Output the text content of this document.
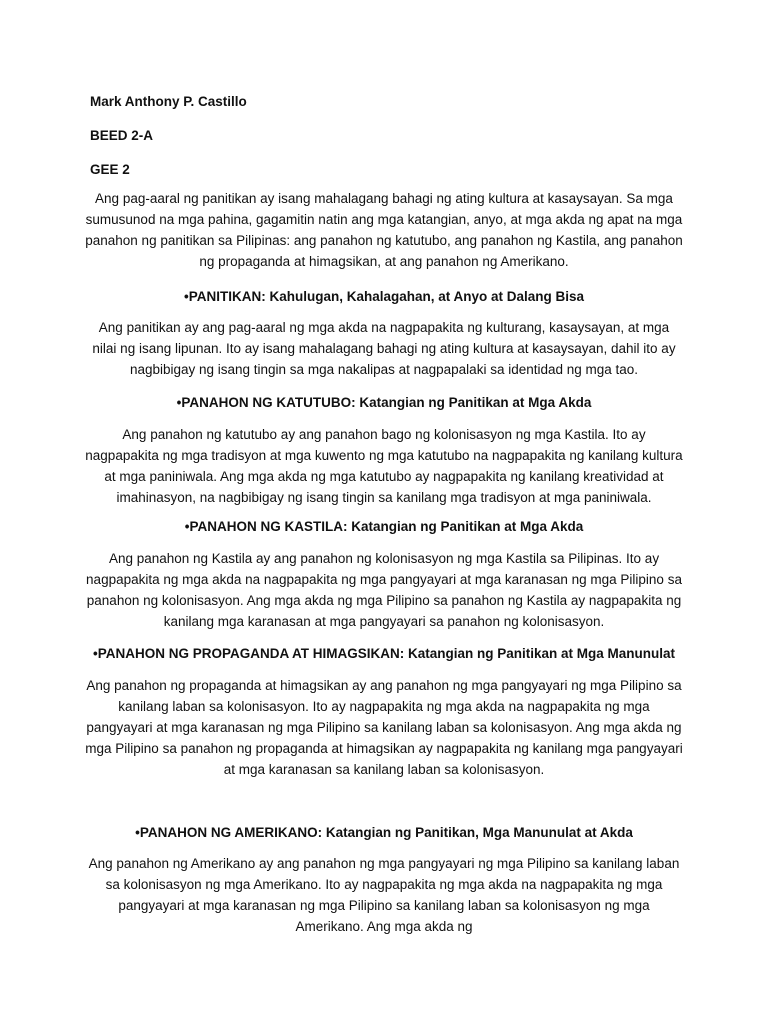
Mark Anthony P. Castillo
BEED 2-A
GEE 2

Ang pag-aaral ng panitikan ay isang mahalagang bahagi ng ating kultura at kasaysayan. Sa mga sumusunod na mga pahina, gagamitin natin ang mga katangian, anyo, at mga akda ng apat na mga panahon ng panitikan sa Pilipinas: ang panahon ng katutubo, ang panahon ng Kastila, ang panahon ng propaganda at himagsikan, at ang panahon ng Amerikano.

•PANITIKAN: Kahulugan, Kahalagahan, at Anyo at Dalang Bisa

Ang panitikan ay ang pag-aaral ng mga akda na nagpapakita ng kulturang, kasaysayan, at mga nilai ng isang lipunan. Ito ay isang mahalagang bahagi ng ating kultura at kasaysayan, dahil ito ay nagbibigay ng isang tingin sa mga nakalipas at nagpapalaki sa identidad ng mga tao.

•PANAHON NG KATUTUBO: Katangian ng Panitikan at Mga Akda

Ang panahon ng katutubo ay ang panahon bago ng kolonisasyon ng mga Kastila. Ito ay nagpapakita ng mga tradisyon at mga kuwento ng mga katutubo na nagpapakita ng kanilang kultura at mga paniniwala. Ang mga akda ng mga katutubo ay nagpapakita ng kanilang kreatividad at imahinasyon, na nagbibigay ng isang tingin sa kanilang mga tradisyon at mga paniniwala.

•PANAHON NG KASTILA: Katangian ng Panitikan at Mga Akda

Ang panahon ng Kastila ay ang panahon ng kolonisasyon ng mga Kastila sa Pilipinas. Ito ay nagpapakita ng mga akda na nagpapakita ng mga pangyayari at mga karanasan ng mga Pilipino sa panahon ng kolonisasyon. Ang mga akda ng mga Pilipino sa panahon ng Kastila ay nagpapakita ng kanilang mga karanasan at mga pangyayari sa panahon ng kolonisasyon.

•PANAHON NG PROPAGANDA AT HIMAGSIKAN: Katangian ng Panitikan at Mga Manunulat

Ang panahon ng propaganda at himagsikan ay ang panahon ng mga pangyayari ng mga Pilipino sa kanilang laban sa kolonisasyon. Ito ay nagpapakita ng mga akda na nagpapakita ng mga pangyayari at mga karanasan ng mga Pilipino sa kanilang laban sa kolonisasyon. Ang mga akda ng mga Pilipino sa panahon ng propaganda at himagsikan ay nagpapakita ng kanilang mga pangyayari at mga karanasan sa kanilang laban sa kolonisasyon.

•PANAHON NG AMERIKANO: Katangian ng Panitikan, Mga Manunulat at Akda

Ang panahon ng Amerikano ay ang panahon ng mga pangyayari ng mga Pilipino sa kanilang laban sa kolonisasyon ng mga Amerikano. Ito ay nagpapakita ng mga akda na nagpapakita ng mga pangyayari at mga karanasan ng mga Pilipino sa kanilang laban sa kolonisasyon ng mga Amerikano. Ang mga akda ng
